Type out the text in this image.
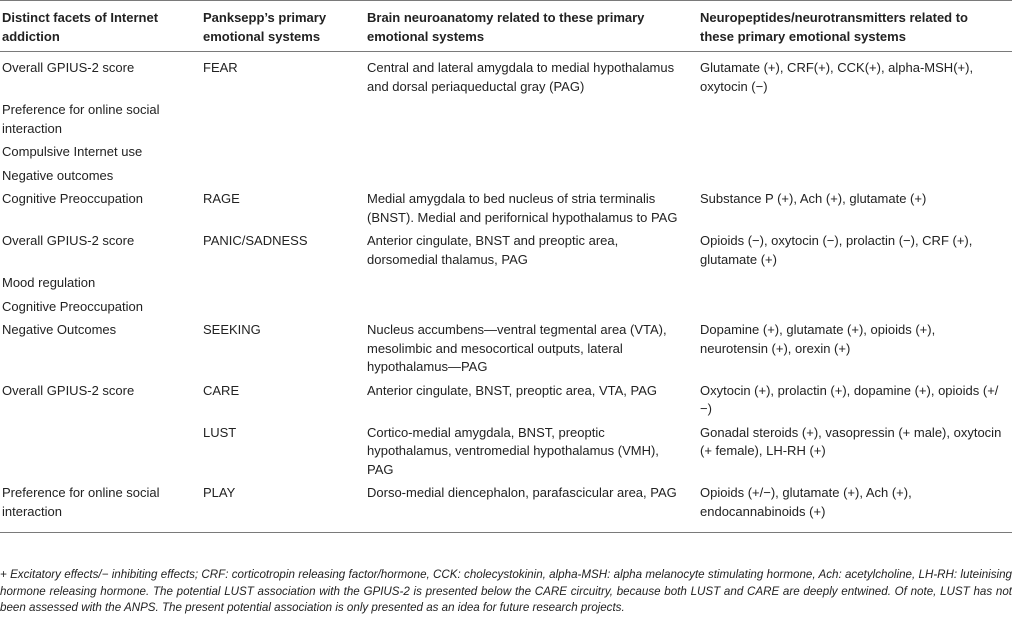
Distinct facets of Internet addiction	Panksepp’s primary emotional systems	Brain neuroanatomy related to these primary emotional systems	Neuropeptides/neurotransmitters related to these primary emotional systems

Overall GPIUS-2 score	FEAR	Central and lateral amygdala to medial hypothalamus and dorsal periaqueductal gray (PAG)	Glutamate (+), CRF(+), CCK(+), alpha-MSH(+), oxytocin (−)

Preference for online social interaction			

Compulsive Internet use			

Negative outcomes			

Cognitive Preoccupation	RAGE	Medial amygdala to bed nucleus of stria terminalis (BNST). Medial and perifornical hypothalamus to PAG	Substance P (+), Ach (+), glutamate (+)

Overall GPIUS-2 score	PANIC/SADNESS	Anterior cingulate, BNST and preoptic area, dorsomedial thalamus, PAG	Opioids (−), oxytocin (−), prolactin (−), CRF (+), glutamate (+)

Mood regulation			

Cognitive Preoccupation			

Negative Outcomes	SEEKING	Nucleus accumbens—ventral tegmental area (VTA), mesolimbic and mesocortical outputs, lateral hypothalamus—PAG	Dopamine (+), glutamate (+), opioids (+), neurotensin (+), orexin (+)

Overall GPIUS-2 score	CARE	Anterior cingulate, BNST, preoptic area, VTA, PAG	Oxytocin (+), prolactin (+), dopamine (+), opioids (+/−)
	LUST	Cortico-medial amygdala, BNST, preoptic hypothalamus, ventromedial hypothalamus (VMH), PAG	Gonadal steroids (+), vasopressin (+ male), oxytocin (+ female), LH-RH (+)

Preference for online social interaction	PLAY	Dorso-medial diencephalon, parafascicular area, PAG	Opioids (+/−), glutamate (+), Ach (+), endocannabinoids (+)

+ Excitatory effects/− inhibiting effects; CRF: corticotropin releasing factor/hormone, CCK: cholecystokinin, alpha-MSH: alpha melanocyte stimulating hormone, Ach: acetylcholine, LH-RH: luteinising hormone releasing hormone. The potential LUST association with the GPIUS-2 is presented below the CARE circuitry, because both LUST and CARE are deeply entwined. Of note, LUST has not been assessed with the ANPS. The present potential association is only presented as an idea for future research projects.
